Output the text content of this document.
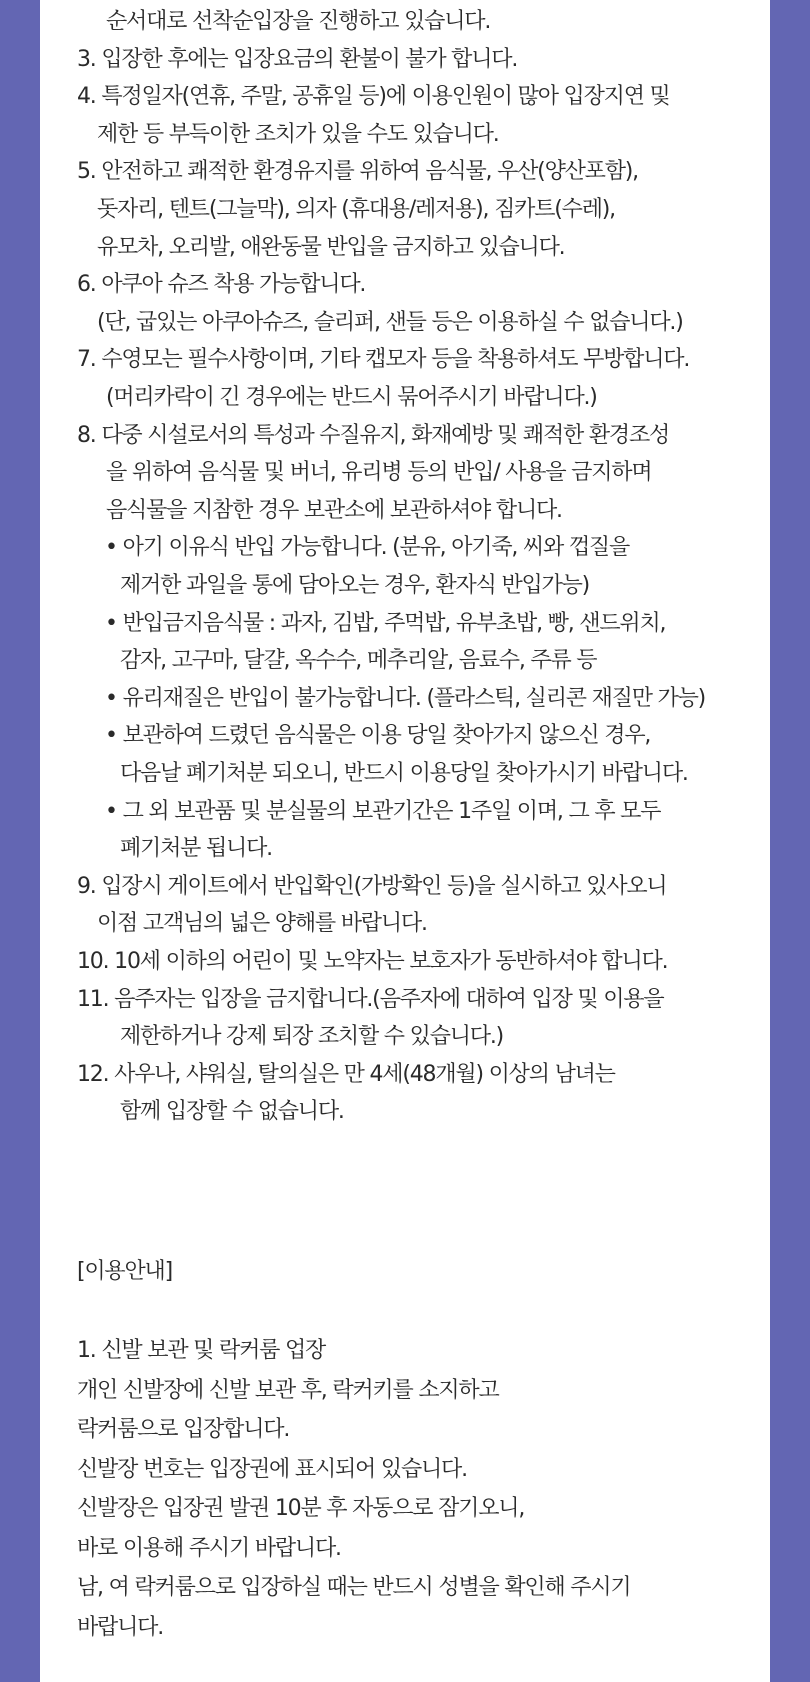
순서대로 선착순입장을 진행하고 있습니다.
3. 입장한 후에는 입장요금의 환불이 불가 합니다.
4. 특정일자(연휴, 주말, 공휴일 등)에 이용인원이 많아 입장지연 및
제한 등 부득이한 조치가 있을 수도 있습니다.
5. 안전하고 쾌적한 환경유지를 위하여 음식물, 우산(양산포함),
돗자리, 텐트(그늘막), 의자 (휴대용/레저용), 짐카트(수레),
유모차, 오리발, 애완동물 반입을 금지하고 있습니다.
6. 아쿠아 슈즈 착용 가능합니다.
(단, 굽있는 아쿠아슈즈, 슬리퍼, 샌들 등은 이용하실 수 없습니다.)
7. 수영모는 필수사항이며, 기타 캡모자 등을 착용하셔도 무방합니다.
(머리카락이 긴 경우에는 반드시 묶어주시기 바랍니다.)
8. 다중 시설로서의 특성과 수질유지, 화재예방 및 쾌적한 환경조성
을 위하여 음식물 및 버너, 유리병 등의 반입/ 사용을 금지하며
음식물을 지참한 경우 보관소에 보관하셔야 합니다.
• 아기 이유식 반입 가능합니다. (분유, 아기죽, 씨와 껍질을
제거한 과일을 통에 담아오는 경우, 환자식 반입가능)
• 반입금지음식물 : 과자, 김밥, 주먹밥, 유부초밥, 빵, 샌드위치,
감자, 고구마, 달걀, 옥수수, 메추리알, 음료수, 주류 등
• 유리재질은 반입이 불가능합니다. (플라스틱, 실리콘 재질만 가능)
• 보관하여 드렸던 음식물은 이용 당일 찾아가지 않으신 경우,
다음날 폐기처분 되오니, 반드시 이용당일 찾아가시기 바랍니다.
• 그 외 보관품 및 분실물의 보관기간은 1주일 이며, 그 후 모두
폐기처분 됩니다.
9. 입장시 게이트에서 반입확인(가방확인 등)을 실시하고 있사오니
이점 고객님의 넓은 양해를 바랍니다.
10. 10세 이하의 어린이 및 노약자는 보호자가 동반하셔야 합니다.
11. 음주자는 입장을 금지합니다.(음주자에 대하여 입장 및 이용을
제한하거나 강제 퇴장 조치할 수 있습니다.)
12. 사우나, 샤워실, 탈의실은 만 4세(48개월) 이상의 남녀는
함께 입장할 수 없습니다.
[이용안내]
1. 신발 보관 및 락커룸 업장
개인 신발장에 신발 보관 후, 락커키를 소지하고
락커룸으로 입장합니다.
신발장 번호는 입장권에 표시되어 있습니다.
신발장은 입장권 발권 10분 후 자동으로 잠기오니,
바로 이용해 주시기 바랍니다.
남, 여 락커룸으로 입장하실 때는 반드시 성별을 확인해 주시기
바랍니다.
